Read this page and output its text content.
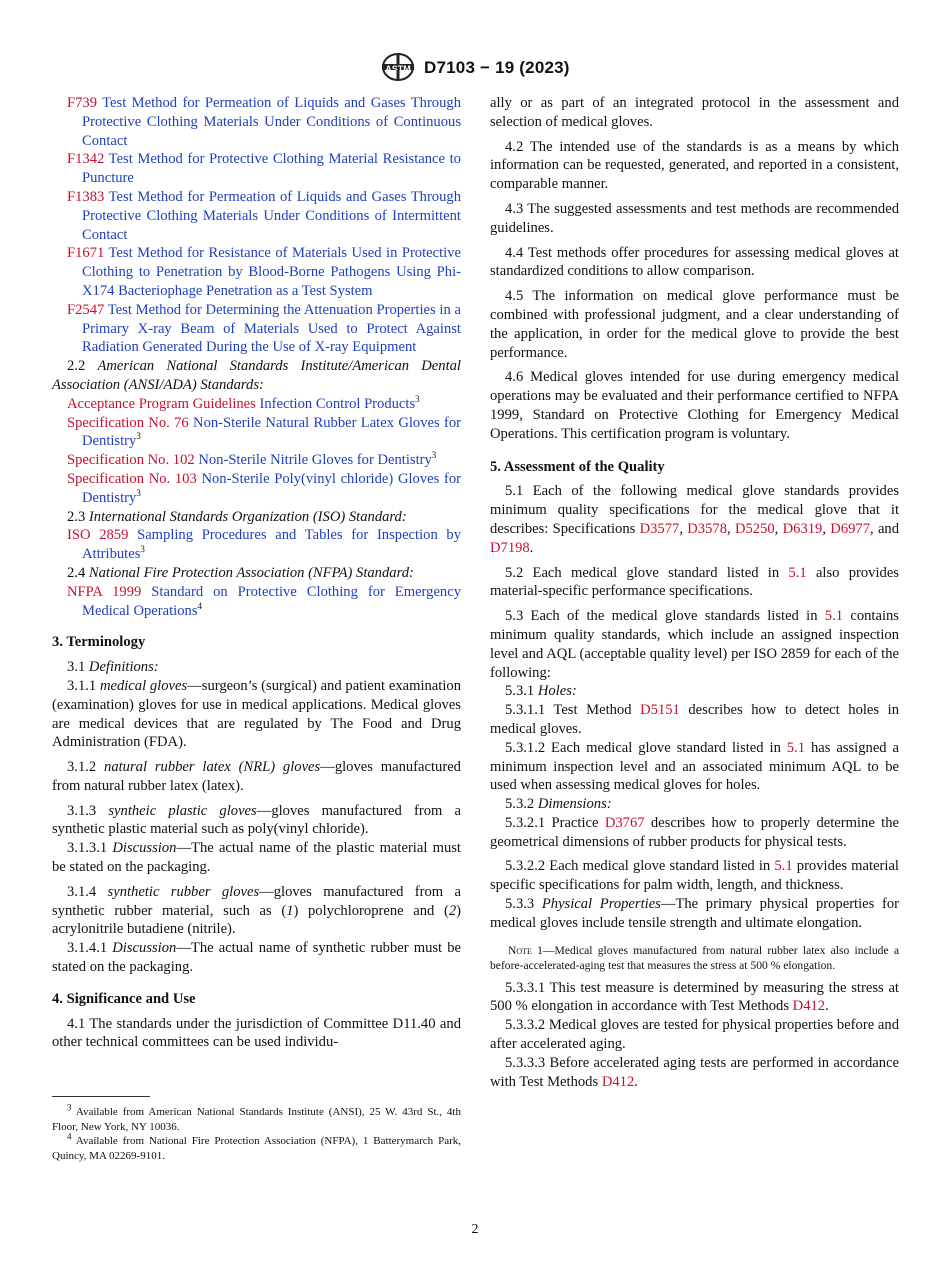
ASTM D7103 − 19 (2023)

F739 Test Method for Permeation of Liquids and Gases Through Protective Clothing Materials Under Conditions of Continuous Contact

F1342 Test Method for Protective Clothing Material Resistance to Puncture

F1383 Test Method for Permeation of Liquids and Gases Through Protective Clothing Materials Under Conditions of Intermittent Contact

F1671 Test Method for Resistance of Materials Used in Protective Clothing to Penetration by Blood-Borne Pathogens Using Phi-X174 Bacteriophage Penetration as a Test System

F2547 Test Method for Determining the Attenuation Properties in a Primary X-ray Beam of Materials Used to Protect Against Radiation Generated During the Use of X-ray Equipment

2.2 American National Standards Institute/American Dental Association (ANSI/ADA) Standards:

Acceptance Program Guidelines Infection Control Products$^3$

Specification No. 76 Non-Sterile Natural Rubber Latex Gloves for Dentistry$^3$

Specification No. 102 Non-Sterile Nitrile Gloves for Dentistry$^3$

Specification No. 103 Non-Sterile Poly(vinyl chloride) Gloves for Dentistry$^3$

2.3 International Standards Organization (ISO) Standard:

ISO 2859 Sampling Procedures and Tables for Inspection by Attributes$^3$

2.4 National Fire Protection Association (NFPA) Standard:

NFPA 1999 Standard on Protective Clothing for Emergency Medical Operations$^4$

3. Terminology

3.1 Definitions:

3.1.1 medical gloves—surgeon’s (surgical) and patient examination (examination) gloves for use in medical applications. Medical gloves are medical devices that are regulated by The Food and Drug Administration (FDA).

3.1.2 natural rubber latex (NRL) gloves—gloves manufactured from natural rubber latex (latex).

3.1.3 syntheic plastic gloves—gloves manufactured from a synthetic plastic material such as poly(vinyl chloride).

3.1.3.1 Discussion—The actual name of the plastic material must be stated on the packaging.

3.1.4 synthetic rubber gloves—gloves manufactured from a synthetic rubber material, such as (1) polychloroprene and (2) acrylonitrile butadiene (nitrile).

3.1.4.1 Discussion—The actual name of synthetic rubber must be stated on the packaging.

4. Significance and Use

4.1 The standards under the jurisdiction of Committee D11.40 and other technical committees can be used individu-

$^3$ Available from American National Standards Institute (ANSI), 25 W. 43rd St., 4th Floor, New York, NY 10036.

$^4$ Available from National Fire Protection Association (NFPA), 1 Batterymarch Park, Quincy, MA 02269-9101.

ally or as part of an integrated protocol in the assessment and selection of medical gloves.

4.2 The intended use of the standards is as a means by which information can be requested, generated, and reported in a consistent, comparable manner.

4.3 The suggested assessments and test methods are recommended guidelines.

4.4 Test methods offer procedures for assessing medical gloves at standardized conditions to allow comparison.

4.5 The information on medical glove performance must be combined with professional judgment, and a clear understanding of the application, in order for the medical glove to provide the best performance.

4.6 Medical gloves intended for use during emergency medical operations may be evaluated and their performance certified to NFPA 1999, Standard on Protective Clothing for Emergency Medical Operations. This certification program is voluntary.

5. Assessment of the Quality

5.1 Each of the following medical glove standards provides minimum quality specifications for the medical glove that it describes: Specifications D3577, D3578, D5250, D6319, D6977, and D7198.

5.2 Each medical glove standard listed in 5.1 also provides material-specific performance specifications.

5.3 Each of the medical glove standards listed in 5.1 contains minimum quality standards, which include an assigned inspection level and AQL (acceptable quality level) per ISO 2859 for each of the following:

5.3.1 Holes:

5.3.1.1 Test Method D5151 describes how to detect holes in medical gloves.

5.3.1.2 Each medical glove standard listed in 5.1 has assigned a minimum inspection level and an associated minimum AQL to be used when assessing medical gloves for holes.

5.3.2 Dimensions:

5.3.2.1 Practice D3767 describes how to properly determine the geometrical dimensions of rubber products for physical tests.

5.3.2.2 Each medical glove standard listed in 5.1 provides material specific specifications for palm width, length, and thickness.

5.3.3 Physical Properties—The primary physical properties for medical gloves include tensile strength and ultimate elongation.

Note 1—Medical gloves manufactured from natural rubber latex also include a before-accelerated-aging test that measures the stress at 500 % elongation.

5.3.3.1 This test measure is determined by measuring the stress at 500 % elongation in accordance with Test Methods D412.

5.3.3.2 Medical gloves are tested for physical properties before and after accelerated aging.

5.3.3.3 Before accelerated aging tests are performed in accordance with Test Methods D412.

2
